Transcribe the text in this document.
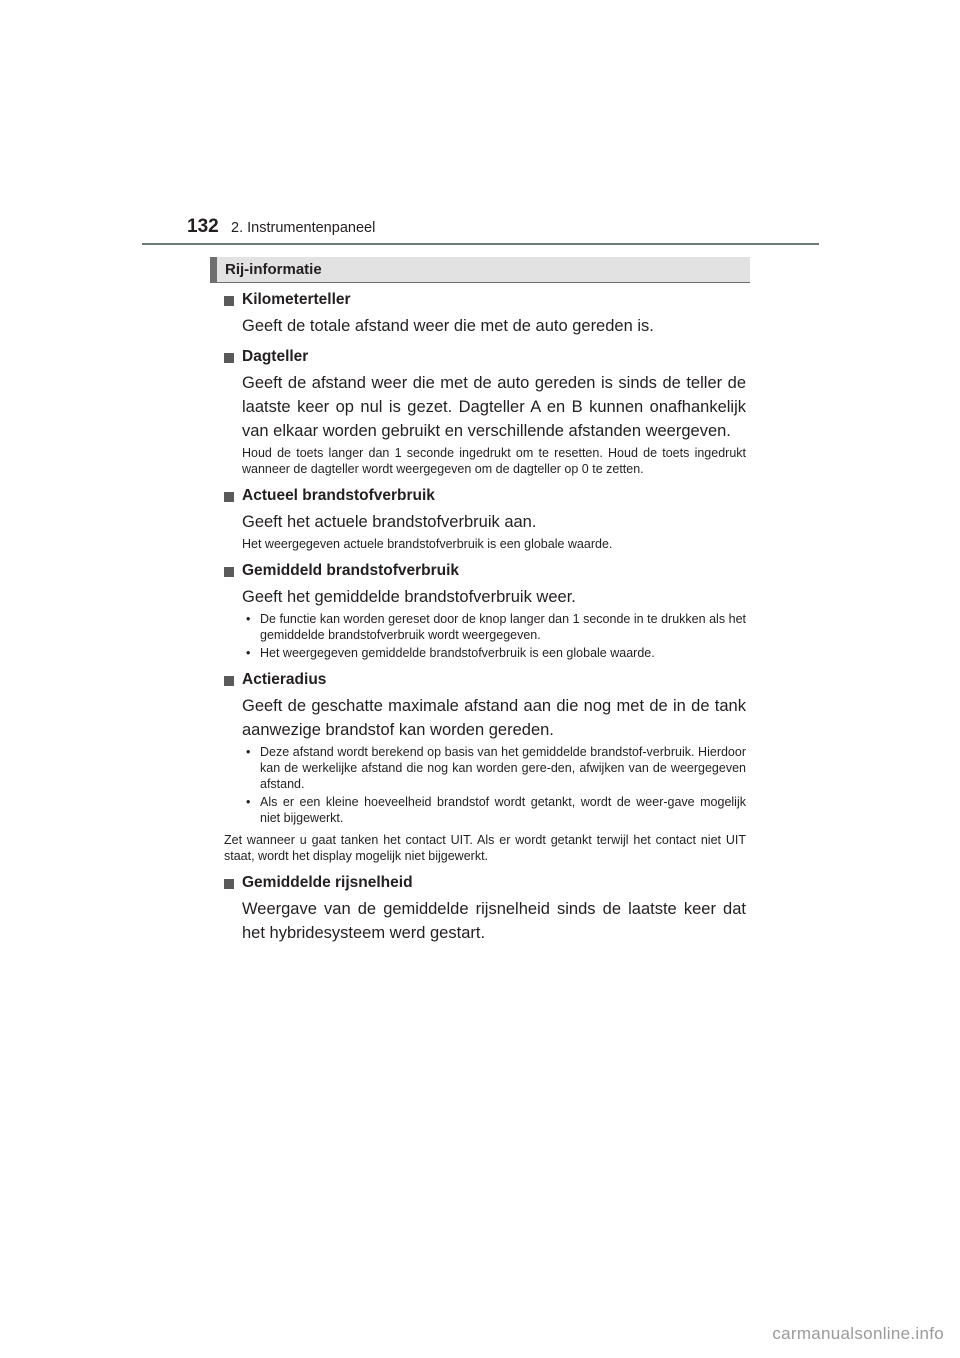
132 2. Instrumentenpaneel
Rij-informatie
Kilometerteller
Geeft de totale afstand weer die met de auto gereden is.
Dagteller
Geeft de afstand weer die met de auto gereden is sinds de teller de laatste keer op nul is gezet. Dagteller A en B kunnen onafhankelijk van elkaar worden gebruikt en verschillende afstanden weergeven.
Houd de toets langer dan 1 seconde ingedrukt om te resetten. Houd de toets ingedrukt wanneer de dagteller wordt weergegeven om de dagteller op 0 te zetten.
Actueel brandstofverbruik
Geeft het actuele brandstofverbruik aan.
Het weergegeven actuele brandstofverbruik is een globale waarde.
Gemiddeld brandstofverbruik
Geeft het gemiddelde brandstofverbruik weer.
• De functie kan worden gereset door de knop langer dan 1 seconde in te drukken als het gemiddelde brandstofverbruik wordt weergegeven.
• Het weergegeven gemiddelde brandstofverbruik is een globale waarde.
Actieradius
Geeft de geschatte maximale afstand aan die nog met de in de tank aanwezige brandstof kan worden gereden.
• Deze afstand wordt berekend op basis van het gemiddelde brandstof-verbruik. Hierdoor kan de werkelijke afstand die nog kan worden gere-den, afwijken van de weergegeven afstand.
• Als er een kleine hoeveelheid brandstof wordt getankt, wordt de weer-gave mogelijk niet bijgewerkt.
Zet wanneer u gaat tanken het contact UIT. Als er wordt getankt terwijl het contact niet UIT staat, wordt het display mogelijk niet bijgewerkt.
Gemiddelde rijsnelheid
Weergave van de gemiddelde rijsnelheid sinds de laatste keer dat het hybridesysteem werd gestart.
carmanualsonline.info
